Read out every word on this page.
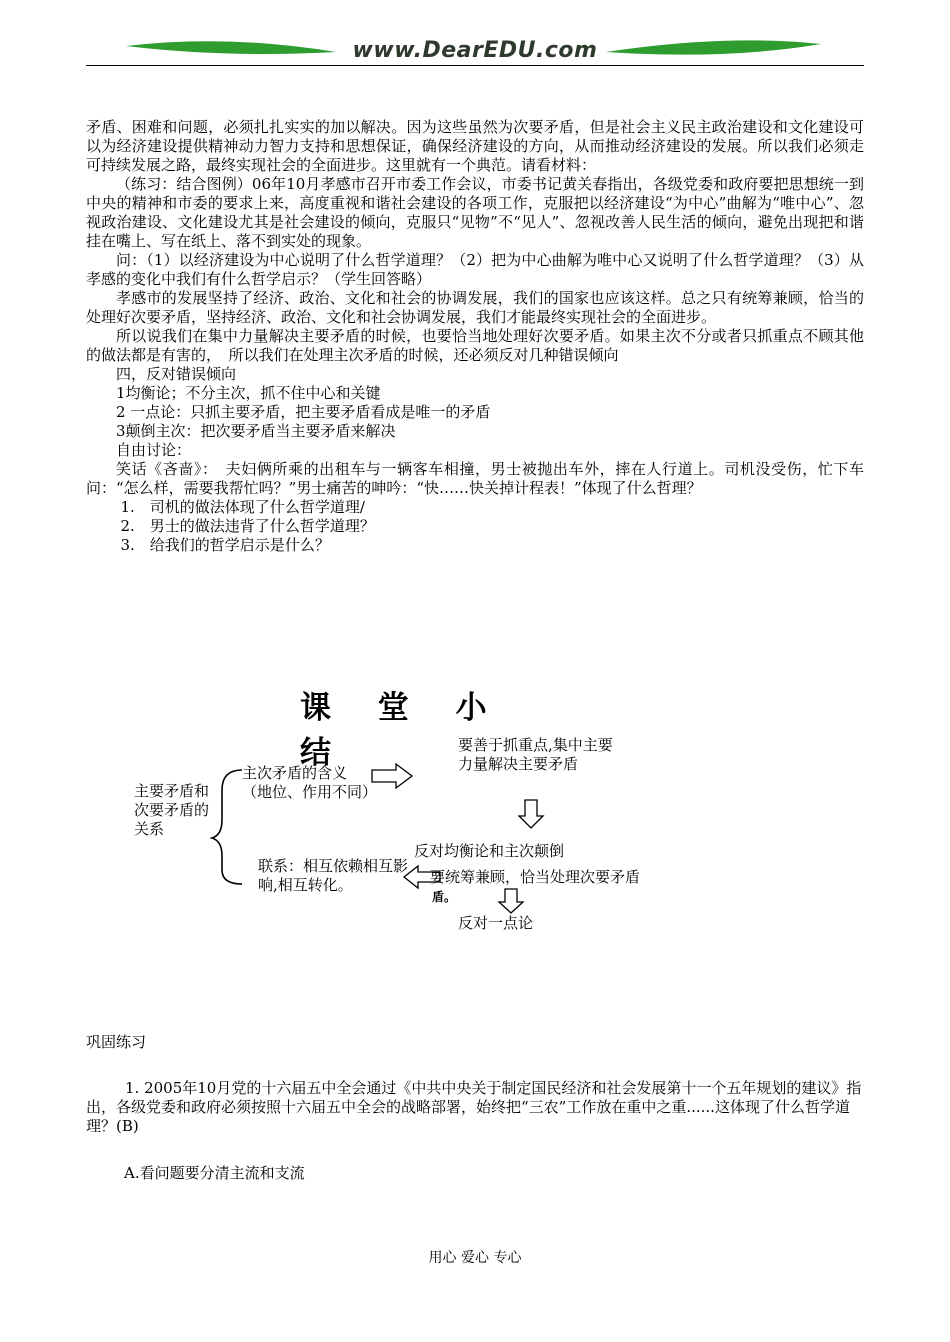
www.DearEDU.com

矛盾、困难和问题，必须扎扎实实的加以解决。因为这些虽然为次要矛盾，但是社会主义民主政治建设和文化建设可以为经济建设提供精神动力智力支持和思想保证，确保经济建设的方向，从而推动经济建设的发展。所以我们必须走可持续发展之路，最终实现社会的全面进步。这里就有一个典范。请看材料：

（练习：结合图例）06年10月孝感市召开市委工作会议，市委书记黄关春指出，各级党委和政府要把思想统一到中央的精神和市委的要求上来，高度重视和谐社会建设的各项工作，克服把以经济建设“为中心”曲解为“唯中心”、忽视政治建设、文化建设尤其是社会建设的倾向，克服只“见物”不“见人”、忽视改善人民生活的倾向，避免出现把和谐挂在嘴上、写在纸上、落不到实处的现象。

问：（1）以经济建设为中心说明了什么哲学道理？（2）把为中心曲解为唯中心又说明了什么哲学道理？（3）从孝感的变化中我们有什么哲学启示？（学生回答略）

孝感市的发展坚持了经济、政治、文化和社会的协调发展，我们的国家也应该这样。总之只有统筹兼顾，恰当的处理好次要矛盾，坚持经济、政治、文化和社会协调发展，我们才能最终实现社会的全面进步。

所以说我们在集中力量解决主要矛盾的时候，也要恰当地处理好次要矛盾。如果主次不分或者只抓重点不顾其他的做法都是有害的，　所以我们在处理主次矛盾的时候，还必须反对几种错误倾向

四，反对错误倾向

1均衡论；不分主次，抓不住中心和关键

2 一点论：只抓主要矛盾，把主要矛盾看成是唯一的矛盾

3颠倒主次：把次要矛盾当主要矛盾来解决

自由讨论：

笑话《吝啬》：　夫妇俩所乘的出租车与一辆客车相撞，男士被抛出车外，摔在人行道上。司机没受伤，忙下车问：“怎么样，需要我帮忙吗？”男士痛苦的呻吟：“快……快关掉计程表！”体现了什么哲理？

1.　司机的做法体现了什么哲学道理/

2.　男士的做法违背了什么哲学道理？

3.　给我们的哲学启示是什么？

课 堂 小 结
主要矛盾和次要矛盾的关系
主次矛盾的含义（地位、作用不同）
要善于抓重点,集中主要力量解决主要矛盾
反对均衡论和主次颠倒
联系：相互依赖相互影响,相互转化。	要统筹兼顾，恰当处理次要矛盾
盾。
反对一点论
巩固练习

1. 2005年10月党的十六届五中全会通过《中共中央关于制定国民经济和社会发展第十一个五年规划的建议》指出，各级党委和政府必须按照十六届五中全会的战略部署，始终把“三农”工作放在重中之重......这体现了什么哲学道理？(B)

A.看问题要分清主流和支流
用心 爱心 专心
